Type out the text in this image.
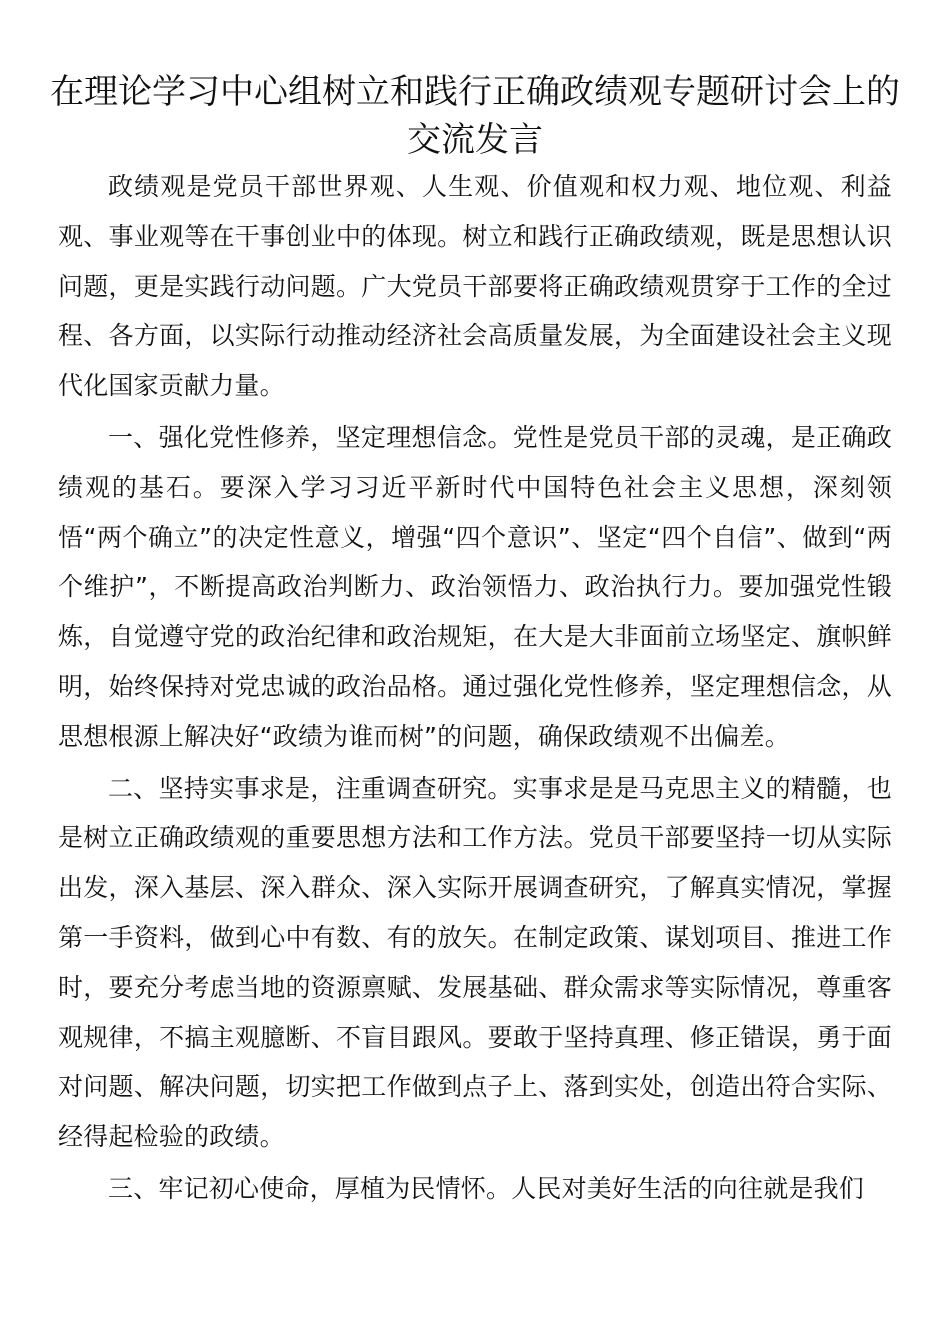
在理论学习中心组树立和践行正确政绩观专题研讨会上的交流发言

政绩观是党员干部世界观、人生观、价值观和权力观、地位观、利益观、事业观等在干事创业中的体现。树立和践行正确政绩观，既是思想认识问题，更是实践行动问题。广大党员干部要将正确政绩观贯穿于工作的全过程、各方面，以实际行动推动经济社会高质量发展，为全面建设社会主义现代化国家贡献力量。

一、强化党性修养，坚定理想信念。党性是党员干部的灵魂，是正确政绩观的基石。要深入学习习近平新时代中国特色社会主义思想，深刻领悟“两个确立”的决定性意义，增强“四个意识”、坚定“四个自信”、做到“两个维护”，不断提高政治判断力、政治领悟力、政治执行力。要加强党性锻炼，自觉遵守党的政治纪律和政治规矩，在大是大非面前立场坚定、旗帜鲜明，始终保持对党忠诚的政治品格。通过强化党性修养，坚定理想信念，从思想根源上解决好“政绩为谁而树”的问题，确保政绩观不出偏差。

二、坚持实事求是，注重调查研究。实事求是是马克思主义的精髓，也是树立正确政绩观的重要思想方法和工作方法。党员干部要坚持一切从实际出发，深入基层、深入群众、深入实际开展调查研究，了解真实情况，掌握第一手资料，做到心中有数、有的放矢。在制定政策、谋划项目、推进工作时，要充分考虑当地的资源禀赋、发展基础、群众需求等实际情况，尊重客观规律，不搞主观臆断、不盲目跟风。要敢于坚持真理、修正错误，勇于面对问题、解决问题，切实把工作做到点子上、落到实处，创造出符合实际、经得起检验的政绩。

三、牢记初心使命，厚植为民情怀。人民对美好生活的向往就是我们
